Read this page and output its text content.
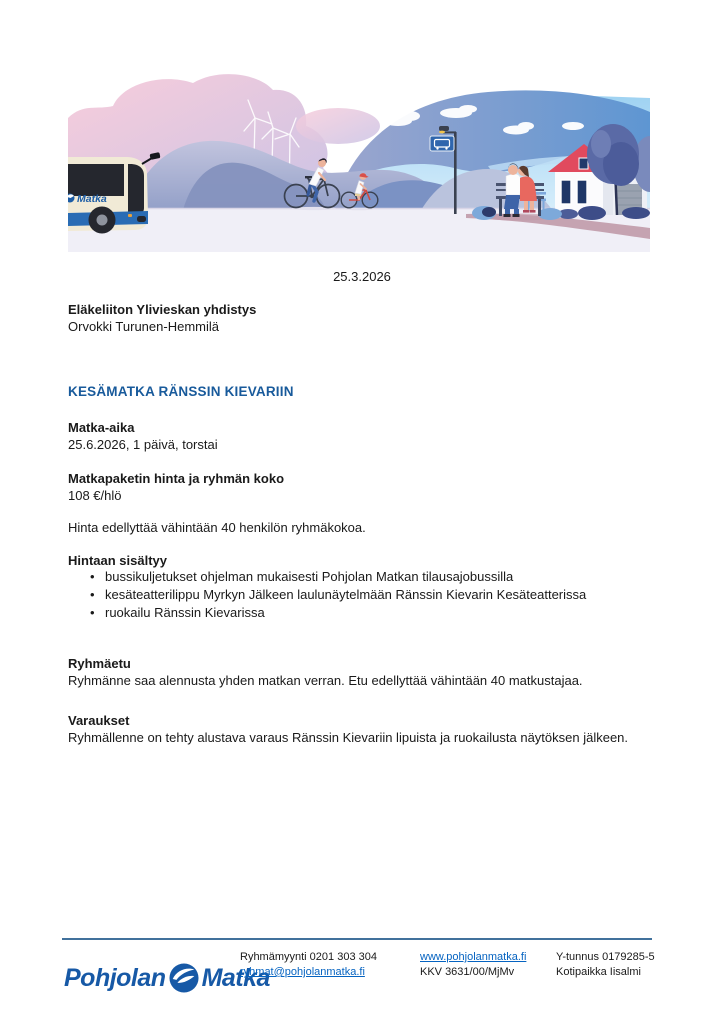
Matka
25.3.2026
Eläkeliiton Ylivieskan yhdistys
Orvokki Turunen-Hemmilä
KESÄMATKA RÄNSSIN KIEVARIIN
Matka-aika
25.6.2026, 1 päivä, torstai
Matkapaketin hinta ja ryhmän koko
108 €/hlö
Hinta edellyttää vähintään 40 henkilön ryhmäkokoa.
Hintaan sisältyy
• bussikuljetukset ohjelman mukaisesti Pohjolan Matkan tilausajobussilla
• kesäteatterilippu Myrkyn Jälkeen laulunäytelmään Ränssin Kievarin Kesäteatterissa
• ruokailu Ränssin Kievarissa
Ryhmäetu
Ryhmänne saa alennusta yhden matkan verran. Etu edellyttää vähintään 40 matkustajaa.
Varaukset
Ryhmällenne on tehty alustava varaus Ränssin Kievariin lipuista ja ruokailusta näytöksen jälkeen.
Pohjolan Matka
Ryhmämyynti 0201 303 304
ryhmat@pohjolanmatka.fi
www.pohjolanmatka.fi
KKV 3631/00/MjMv
Y-tunnus 0179285-5
Kotipaikka Iisalmi
